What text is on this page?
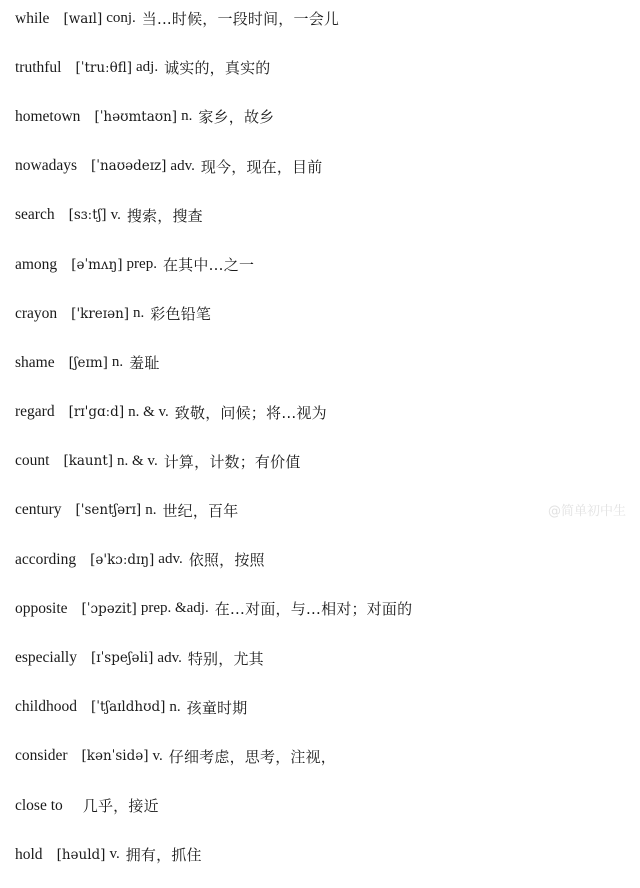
while [waɪl] conj. 当...时候，一段时间，一会儿
truthful [ˈtruːθfl] adj. 诚实的，真实的
hometown [ˈhəʊmtaʊn] n. 家乡，故乡
nowadays [ˈnaʊədeɪz] adv. 现今，现在，目前
search [sɜːtʃ] v. 搜索，搜查
among [əˈmʌŋ] prep. 在其中…之一
crayon ['kreɪən] n. 彩色铅笔
shame [ʃeɪm] n. 羞耻
regard [rɪ'gɑːd] n. & v. 致敬，问候；将…视为
count [kaunt] n. & v. 计算，计数；有价值
century ['sentʃərɪ] n. 世纪，百年
according [ə'kɔːdɪŋ] adv. 依照，按照
opposite [ˈɔpəzit] prep. &adj. 在…对面，与…相对；对面的
especially [ɪˈspeʃəli] adv. 特别，尤其
childhood [ˈtʃaɪldhʊd] n. 孩童时期
consider [kənˈsidə] v. 仔细考虑，思考，注视，
close to 几乎，接近
hold [həuld] v. 拥有，抓住
@简单初中生
